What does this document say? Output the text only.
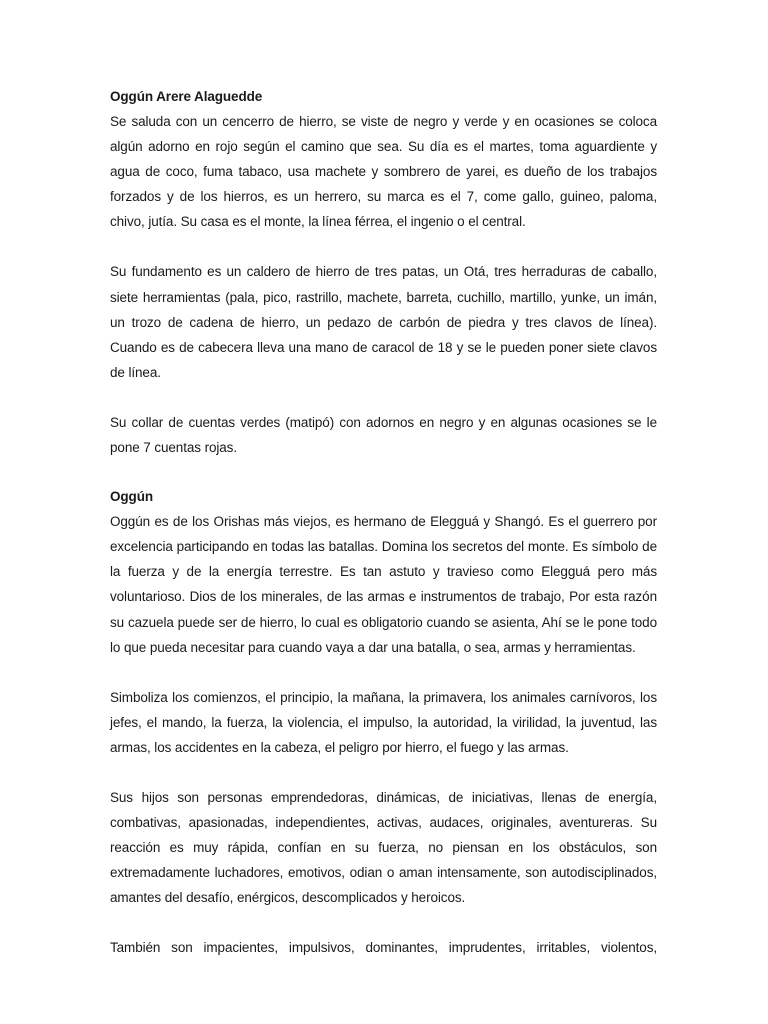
Oggún Arere Alaguedde

Se saluda con un cencerro de hierro, se viste de negro y verde y en ocasiones se coloca algún adorno en rojo según el camino que sea. Su día es el martes, toma aguardiente y agua de coco, fuma tabaco, usa machete y sombrero de yarei, es dueño de los trabajos forzados y de los hierros, es un herrero, su marca es el 7, come gallo, guineo, paloma, chivo, jutía. Su casa es el monte, la línea férrea, el ingenio o el central.

Su fundamento es un caldero de hierro de tres patas, un Otá, tres herraduras de caballo, siete herramientas (pala, pico, rastrillo, machete, barreta, cuchillo, martillo, yunke, un imán, un trozo de cadena de hierro, un pedazo de carbón de piedra y tres clavos de línea). Cuando es de cabecera lleva una mano de caracol de 18 y se le pueden poner siete clavos de línea.

Su collar de cuentas verdes (matipó) con adornos en negro y en algunas ocasiones se le pone 7 cuentas rojas.

Oggún

Oggún es de los Orishas más viejos, es hermano de Elegguá y Shangó. Es el guerrero por excelencia participando en todas las batallas. Domina los secretos del monte. Es símbolo de la fuerza y de la energía terrestre. Es tan astuto y travieso como Elegguá pero más voluntarioso. Dios de los minerales, de las armas e instrumentos de trabajo, Por esta razón su cazuela puede ser de hierro, lo cual es obligatorio cuando se asienta, Ahí se le pone todo lo que pueda necesitar para cuando vaya a dar una batalla, o sea, armas y herramientas.

Simboliza los comienzos, el principio, la mañana, la primavera, los animales carnívoros, los jefes, el mando, la fuerza, la violencia, el impulso, la autoridad, la virilidad, la juventud, las armas, los accidentes en la cabeza, el peligro por hierro, el fuego y las armas.

Sus hijos son personas emprendedoras, dinámicas, de iniciativas, llenas de energía, combativas, apasionadas, independientes, activas, audaces, originales, aventureras. Su reacción es muy rápida, confían en su fuerza, no piensan en los obstáculos, son extremadamente luchadores, emotivos, odian o aman intensamente, son autodisciplinados, amantes del desafío, enérgicos, descomplicados y heroicos.

También son impacientes, impulsivos, dominantes, imprudentes, irritables, violentos,
